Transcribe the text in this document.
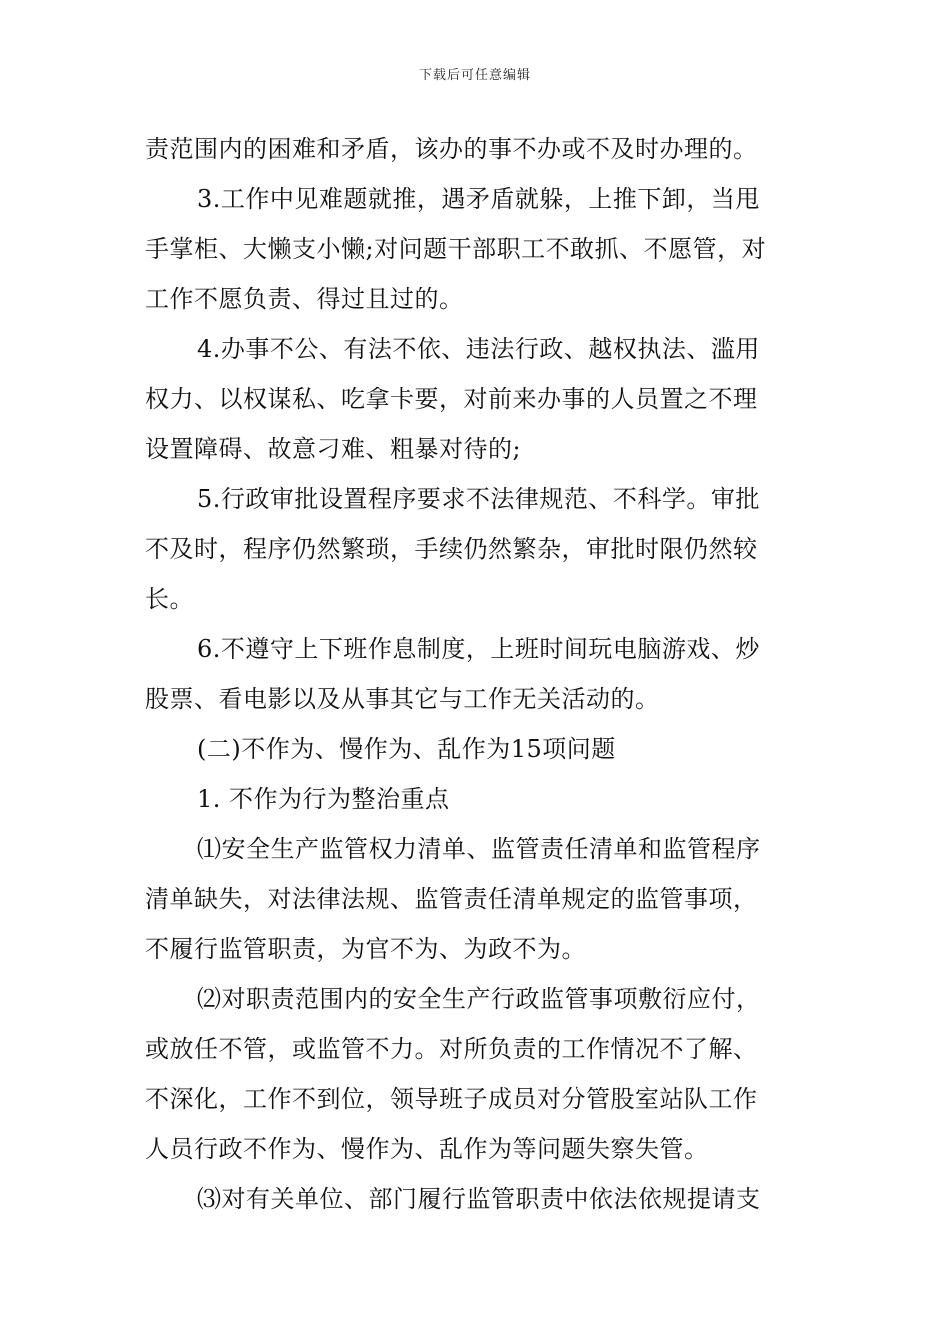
下载后可任意编辑
责范围内的困难和矛盾，该办的事不办或不及时办理的。
3.工作中见难题就推，遇矛盾就躲，上推下卸，当甩
手掌柜、大懒支小懒;对问题干部职工不敢抓、不愿管，对
工作不愿负责、得过且过的。
4.办事不公、有法不依、违法行政、越权执法、滥用
权力、以权谋私、吃拿卡要，对前来办事的人员置之不理
设置障碍、故意刁难、粗暴对待的;
5.行政审批设置程序要求不法律规范、不科学。审批
不及时，程序仍然繁琐，手续仍然繁杂，审批时限仍然较
长。
6.不遵守上下班作息制度，上班时间玩电脑游戏、炒
股票、看电影以及从事其它与工作无关活动的。
(二)不作为、慢作为、乱作为15项问题
1. 不作为行为整治重点
⑴安全生产监管权力清单、监管责任清单和监管程序
清单缺失，对法律法规、监管责任清单规定的监管事项，
不履行监管职责，为官不为、为政不为。
⑵对职责范围内的安全生产行政监管事项敷衍应付，
或放任不管，或监管不力。对所负责的工作情况不了解、
不深化，工作不到位，领导班子成员对分管股室站队工作
人员行政不作为、慢作为、乱作为等问题失察失管。
⑶对有关单位、部门履行监管职责中依法依规提请支
